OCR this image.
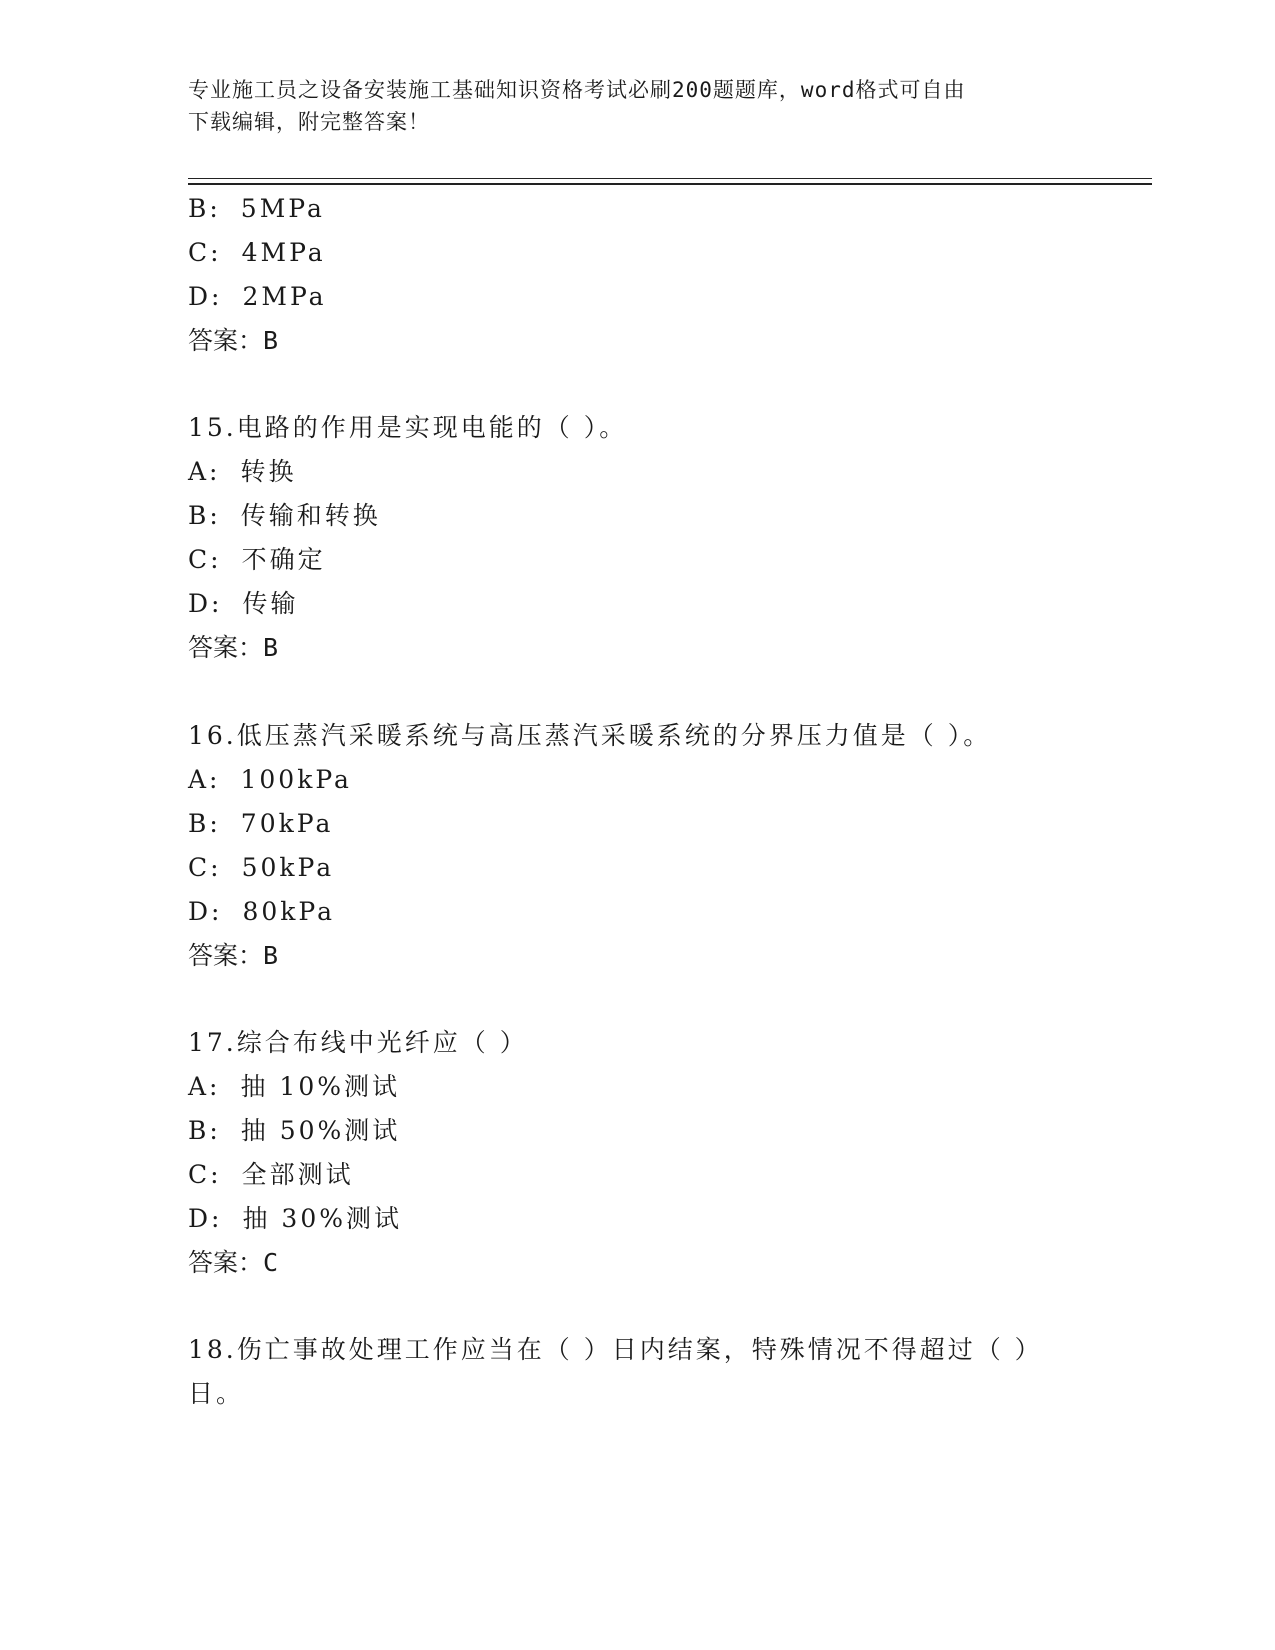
专业施工员之设备安装施工基础知识资格考试必刷200题题库，word格式可自由
下载编辑，附完整答案！
B: 5MPa
C: 4MPa
D: 2MPa
答案：B
15.电路的作用是实现电能的（ ）。
A: 转换
B: 传输和转换
C: 不确定
D: 传输
答案：B
16.低压蒸汽采暖系统与高压蒸汽采暖系统的分界压力值是（ ）。
A: 100kPa
B: 70kPa
C: 50kPa
D: 80kPa
答案：B
17.综合布线中光纤应（ ）
A: 抽 10%测试
B: 抽 50%测试
C: 全部测试
D: 抽 30%测试
答案：C
18.伤亡事故处理工作应当在（ ）日内结案，特殊情况不得超过（ ）
日。
